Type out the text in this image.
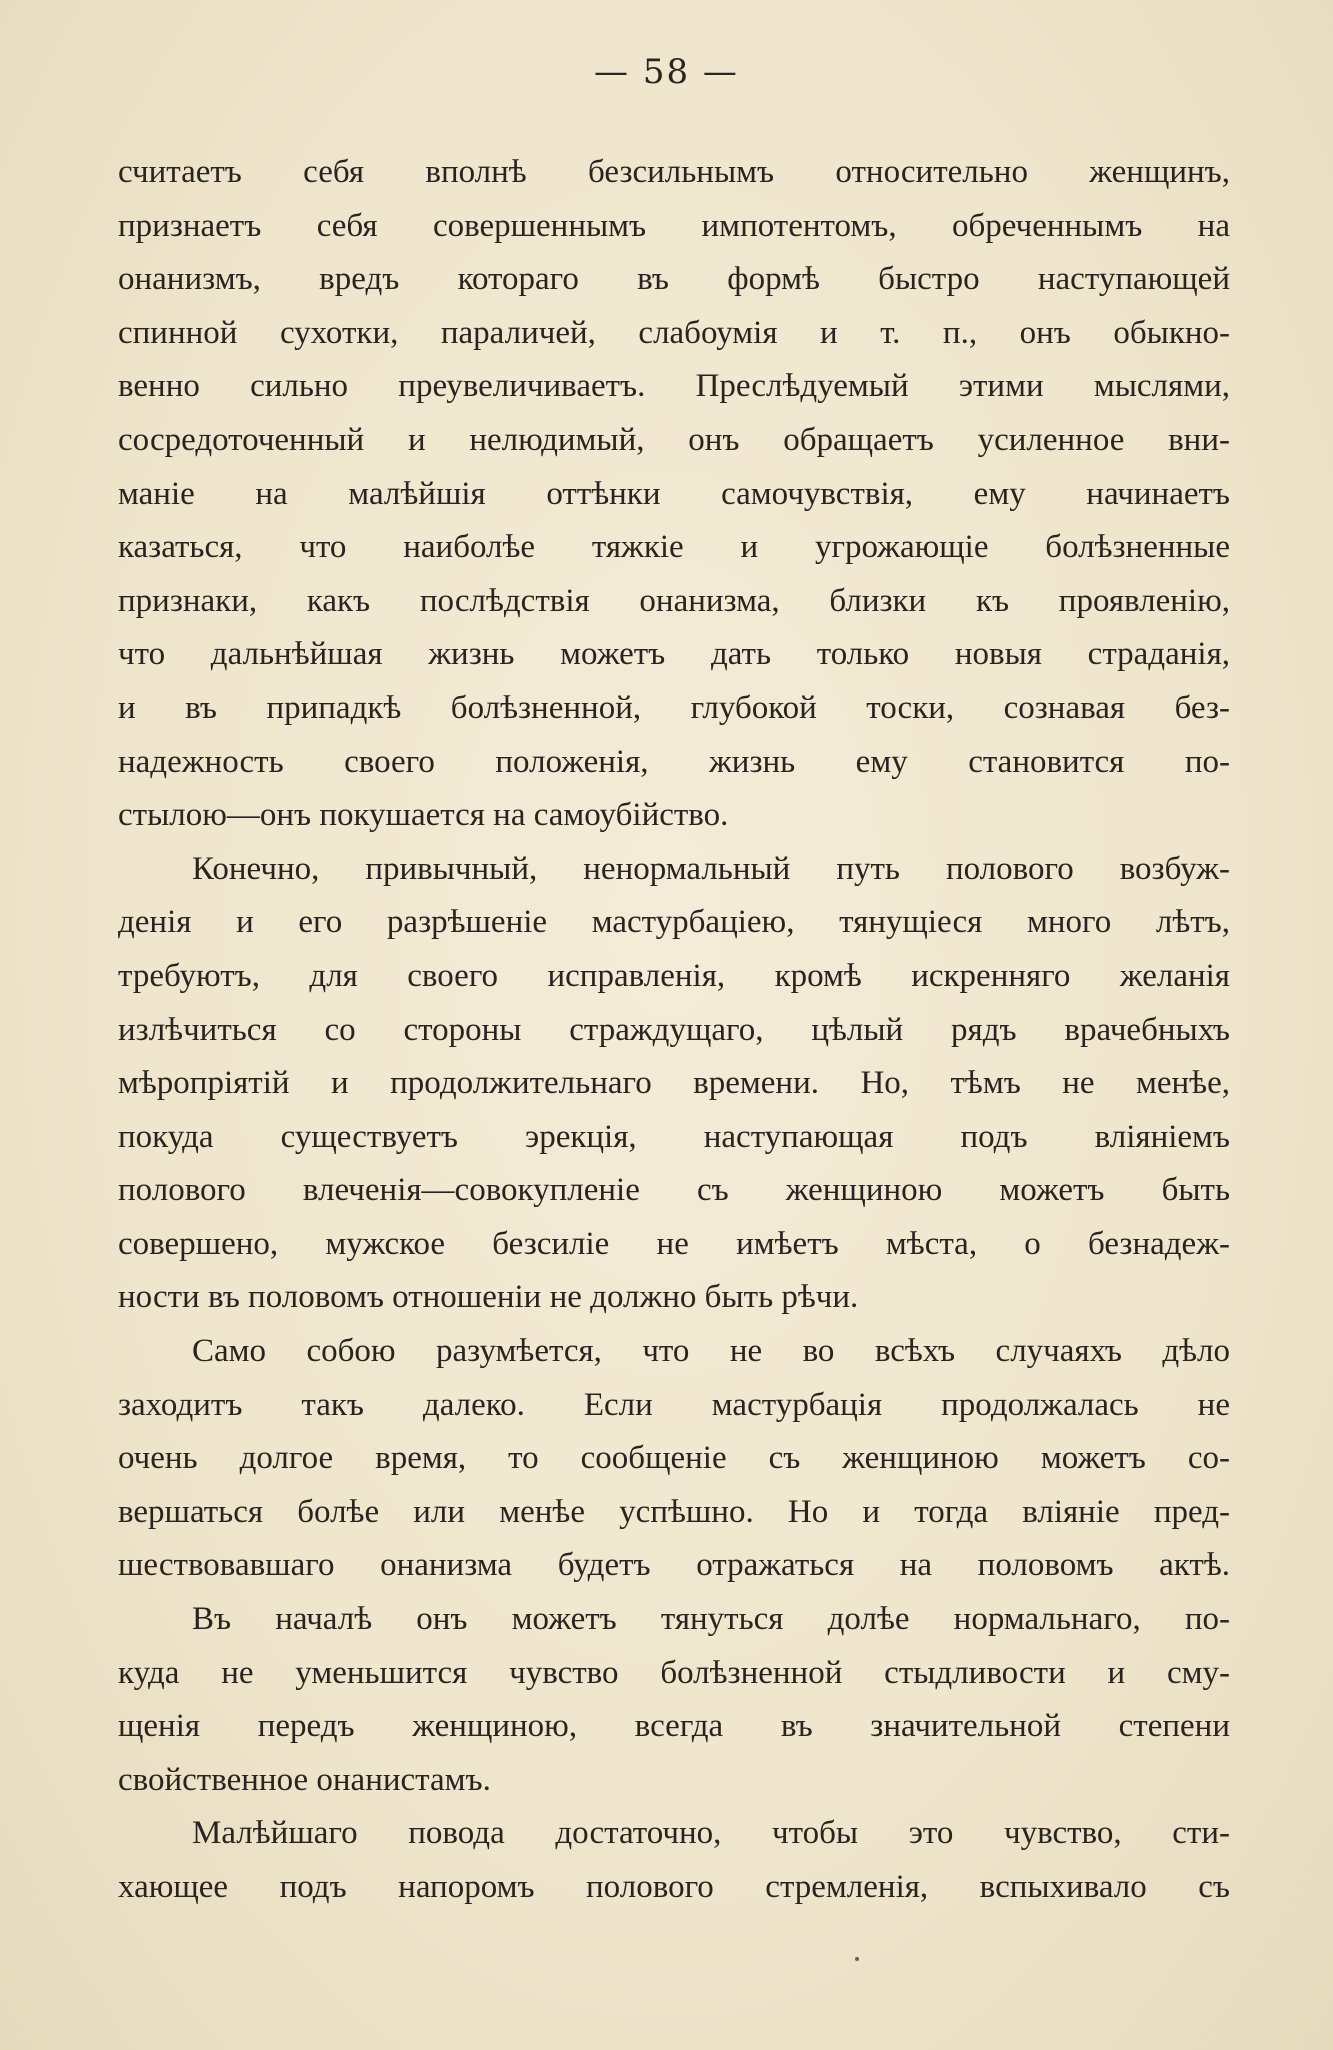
— 58 —
считаетъ себя вполнѣ безсильнымъ относительно женщинъ,
признаетъ себя совершеннымъ импотентомъ, обреченнымъ на
онанизмъ, вредъ котораго въ формѣ быстро наступающей
спинной сухотки, параличей, слабоумія и т. п., онъ обыкно-
венно сильно преувеличиваетъ. Преслѣдуемый этими мыслями,
сосредоточенный и нелюдимый, онъ обращаетъ усиленное вни-
маніе на малѣйшія оттѣнки самочувствія, ему начинаетъ
казаться, что наиболѣе тяжкіе и угрожающіе болѣзненные
признаки, какъ послѣдствія онанизма, близки къ проявленію,
что дальнѣйшая жизнь можетъ дать только новыя страданія,
и въ припадкѣ болѣзненной, глубокой тоски, сознавая без-
надежность своего положенія, жизнь ему становится по-
стылою—онъ покушается на самоубійство.
Конечно, привычный, ненормальный путь полового возбуж-
денія и его разрѣшеніе мастурбаціею, тянущіеся много лѣтъ,
требуютъ, для своего исправленія, кромѣ искренняго желанія
излѣчиться со стороны страждущаго, цѣлый рядъ врачебныхъ
мѣропріятій и продолжительнаго времени. Но, тѣмъ не менѣе,
покуда существуетъ эрекція, наступающая подъ вліяніемъ
полового влеченія—совокупленіе съ женщиною можетъ быть
совершено, мужское безсиліе не имѣетъ мѣста, о безнадеж-
ности въ половомъ отношеніи не должно быть рѣчи.
Само собою разумѣется, что не во всѣхъ случаяхъ дѣло
заходитъ такъ далеко. Если мастурбація продолжалась не
очень долгое время, то сообщеніе съ женщиною можетъ со-
вершаться болѣе или менѣе успѣшно. Но и тогда вліяніе пред-
шествовавшаго онанизма будетъ отражаться на половомъ актѣ.
Въ началѣ онъ можетъ тянуться долѣе нормальнаго, по-
куда не уменьшится чувство болѣзненной стыдливости и сму-
щенія передъ женщиною, всегда въ значительной степени
свойственное онанистамъ.
Малѣйшаго повода достаточно, чтобы это чувство, сти-
хающее подъ напоромъ полового стремленія, вспыхивало съ
